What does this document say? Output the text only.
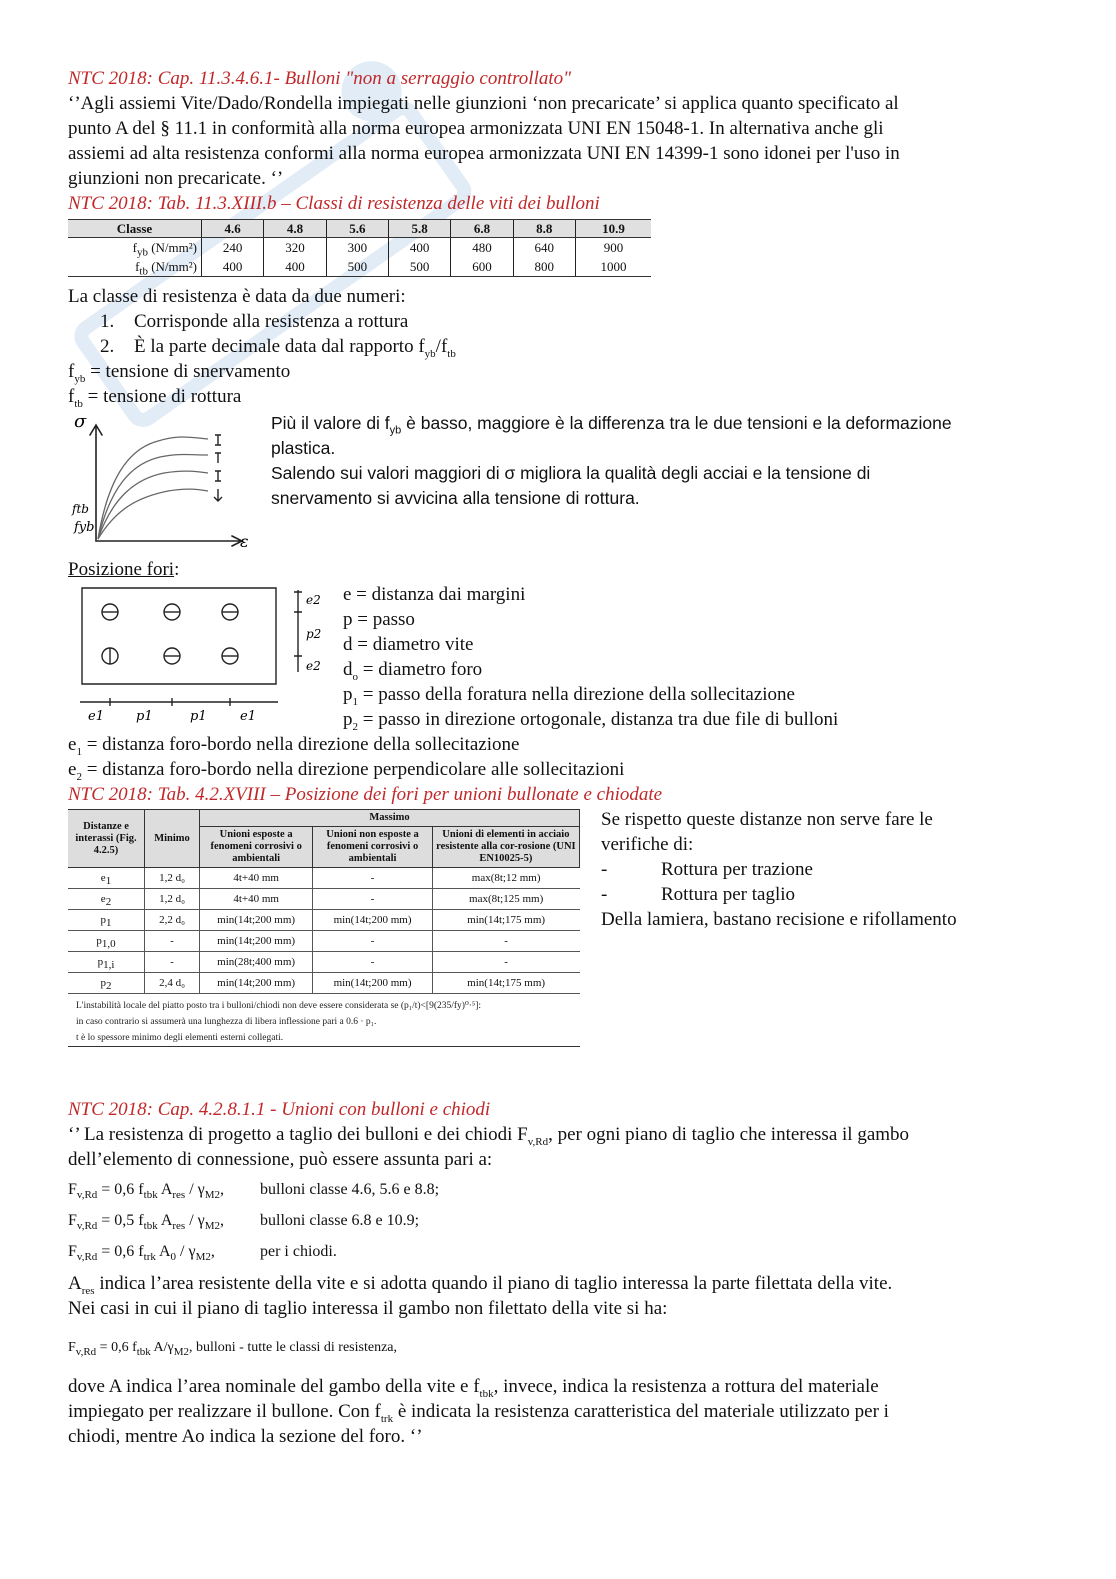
NTC 2018: Cap. 11.3.4.6.1- Bulloni "non a serraggio controllato"
‘’Agli assiemi Vite/Dado/Rondella impiegati nelle giunzioni ‘non precaricate’ si applica quanto specificato al
punto A del § 11.1 in conformità alla norma europea armonizzata UNI EN 15048-1. In alternativa anche gli
assiemi ad alta resistenza conformi alla norma europea armonizzata UNI EN 14399-1 sono idonei per l'uso in
giunzioni non precaricate. ‘’
NTC 2018: Tab. 11.3.XIII.b – Classi di resistenza delle viti dei bulloni
Classe	4.6	4.8	5.6	5.8	6.8	8.8	10.9
$f_{yb}$ (N/mm²)	240	320	300	400	480	640	900
$f_{tb}$ (N/mm²)	400	400	500	500	600	800	1000
La classe di resistenza è data da due numeri:
1. Corrisponde alla resistenza a rottura
2. È la parte decimale data dal rapporto $f_{yb}/f_{tb}$
$f_{yb}$ = tensione di snervamento
$f_{tb}$ = tensione di rottura
σ
ε
ftb
fyb
Più il valore di $f_{yb}$ è basso, maggiore è la differenza tra le due tensioni e la deformazione
plastica.
Salendo sui valori maggiori di σ migliora la qualità degli acciai e la tensione di
snervamento si avvicina alla tensione di rottura.
Posizione fori:
e1 p1	p1	e1
e2
p2
e2
e = distanza dai margini
p = passo
d = diametro vite
$d_o$ = diametro foro
$p_1$ = passo della foratura nella direzione della sollecitazione
$p_2$ = passo in direzione ortogonale, distanza tra due file di bulloni
$e_1$ = distanza foro-bordo nella direzione della sollecitazione
$e_2$ = distanza foro-bordo nella direzione perpendicolare alle sollecitazioni
NTC 2018: Tab. 4.2.XVIII – Posizione dei fori per unioni bullonate e chiodate
Distanze e interassi (Fig. 4.2.5)	Minimo	Massimo		
		Unioni esposte a fenomeni corrosivi o ambientali	Unioni non esposte a fenomeni corrosivi o ambientali	Unioni di elementi in acciaio resistente alla cor-rosione (UNI EN10025-5)
$e_1$	1,2 d₀	4t+40 mm	-	max(8t;12 mm)
$e_2$	1,2 d₀	4t+40 mm	-	max(8t;125 mm)
$p_1$	2,2 d₀	min(14t;200 mm)	min(14t;200 mm)	min(14t;175 mm)
$p_{1,0}$	-	min(14t;200 mm)	-	-
$p_{1,i}$	-	min(28t;400 mm)	-	-
$p_2$	2,4 d₀	min(14t;200 mm)	min(14t;200 mm)	min(14t;175 mm)
L'instabilità locale del piatto posto tra i bulloni/chiodi non deve essere considerata se (p₁/t)<[9(235/fy)⁰·⁵]:
in caso contrario si assumerà una lunghezza di libera inflessione pari a 0.6 · p₁.
t è lo spessore minimo degli elementi esterni collegati.
Se rispetto queste distanze non serve fare le
verifiche di:
-	Rottura per trazione
-	Rottura per taglio
Della lamiera, bastano recisione e rifollamento
NTC 2018: Cap. 4.2.8.1.1 - Unioni con bulloni e chiodi
‘’ La resistenza di progetto a taglio dei bulloni e dei chiodi $F_{v,Rd}$, per ogni piano di taglio che interessa il gambo
dell’elemento di connessione, può essere assunta pari a:
$F_{v,Rd} = 0,6$ $f_{tbk}$ $A_{res} / \gamma_{M2}$, bulloni classe 4.6, 5.6 e 8.8;
$F_{v,Rd} = 0,5$ $f_{tbk}$ $A_{res} / \gamma_{M2}$, bulloni classe 6.8 e 10.9;
$F_{v,Rd} = 0,6$ $f_{trk}$ $A_0 / \gamma_{M2}$,	per i chiodi.
$A_{res}$ indica l’area resistente della vite e si adotta quando il piano di taglio interessa la parte filettata della vite.
Nei casi in cui il piano di taglio interessa il gambo non filettato della vite si ha:
$F_{v,Rd} = 0,6$ $f_{tbk}$ $A/\gamma_{M2}$, bulloni - tutte le classi di resistenza,
dove A indica l’area nominale del gambo della vite e $f_{tbk}$, invece, indica la resistenza a rottura del materiale
impiegato per realizzare il bullone. Con $f_{trk}$ è indicata la resistenza caratteristica del materiale utilizzato per i
chiodi, mentre Ao indica la sezione del foro. ‘’
